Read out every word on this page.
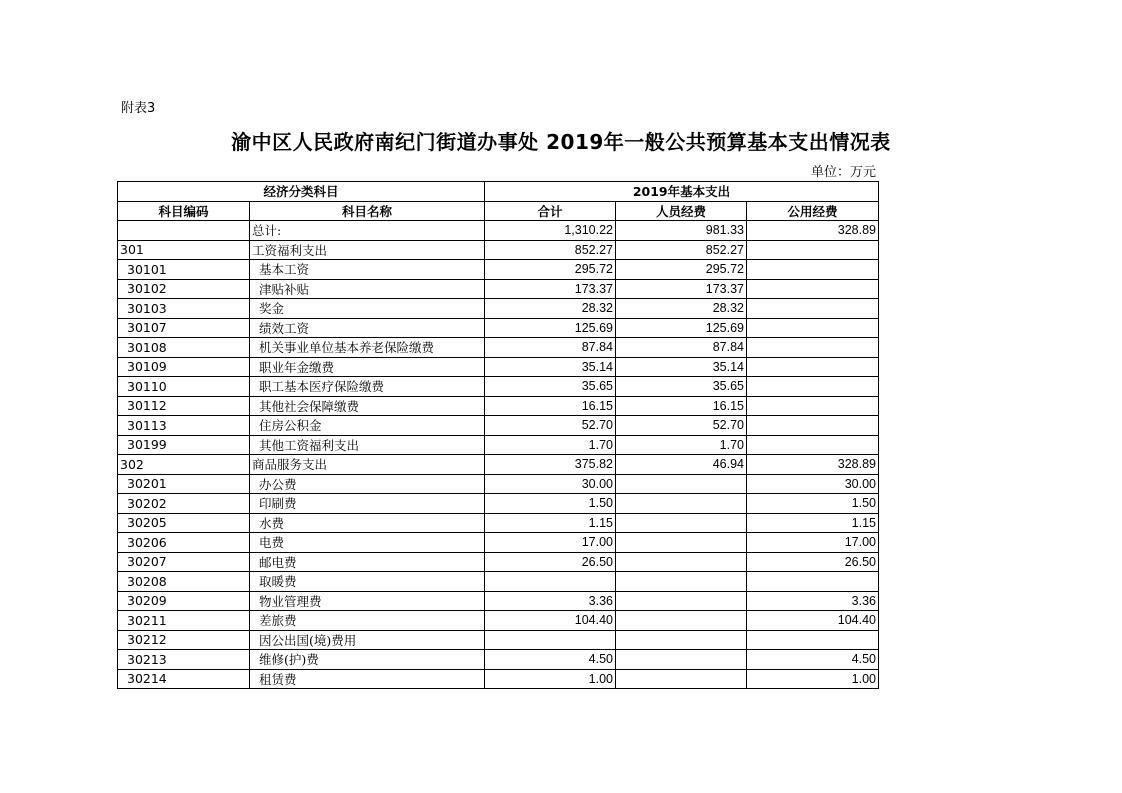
附表3
渝中区人民政府南纪门街道办事处 2019年一般公共预算基本支出情况表
单位：万元
经济分类科目		2019年基本支出		
科目编码	科目名称	合计	人员经费	公用经费
	总计:	1,310.22	981.33	328.89
301	工资福利支出	852.27	852.27	
30101	基本工资	295.72	295.72	
30102	津贴补贴	173.37	173.37	
30103	奖金	28.32	28.32	
30107	绩效工资	125.69	125.69	
30108	机关事业单位基本养老保险缴费	87.84	87.84	
30109	职业年金缴费	35.14	35.14	
30110	职工基本医疗保险缴费	35.65	35.65	
30112	其他社会保障缴费	16.15	16.15	
30113	住房公积金	52.70	52.70	
30199	其他工资福利支出	1.70	1.70	
302	商品服务支出	375.82	46.94	328.89
30201	办公费	30.00		30.00
30202	印刷费	1.50		1.50
30205	水费	1.15		1.15
30206	电费	17.00		17.00
30207	邮电费	26.50		26.50
30208	取暖费			
30209	物业管理费	3.36		3.36
30211	差旅费	104.40		104.40
30212	因公出国(境)费用			
30213	维修(护)费	4.50		4.50
30214	租赁费	1.00		1.00
